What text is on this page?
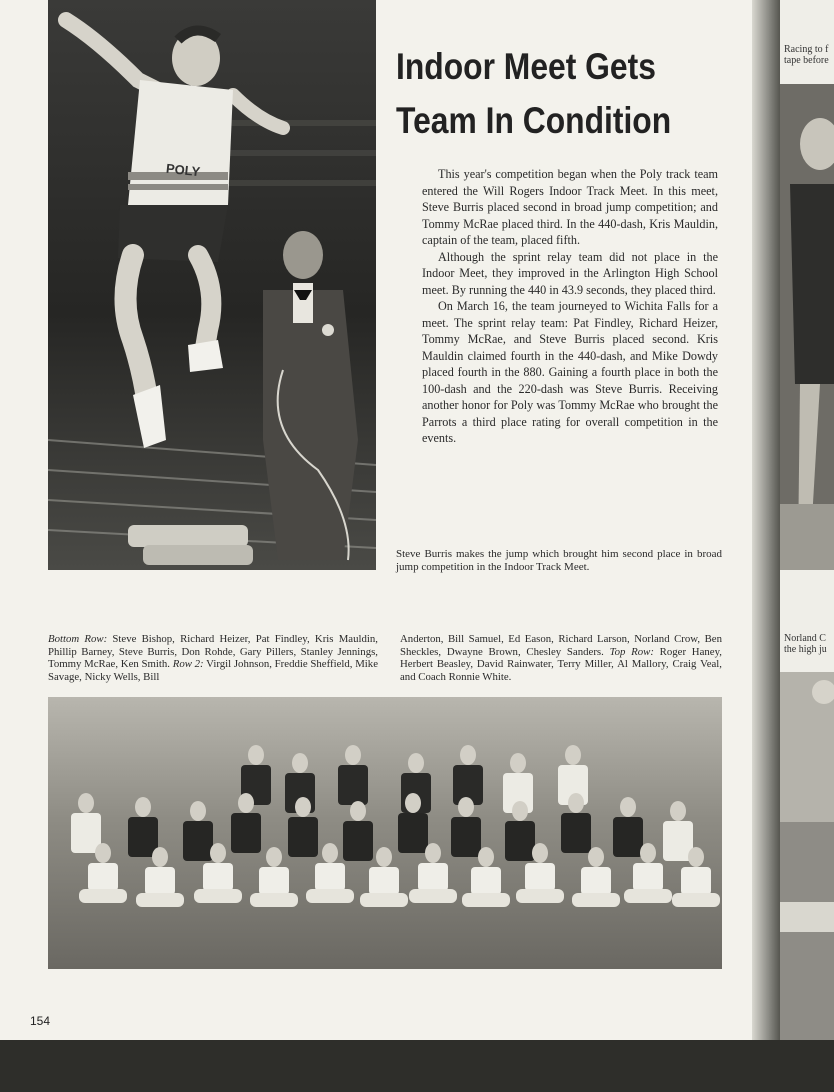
POLY
Indoor Meet Gets
Team In Condition

This year's competition began when the Poly track team entered the Will Rogers Indoor Track Meet. In this meet, Steve Burris placed second in broad jump competition; and Tommy McRae placed third. In the 440-dash, Kris Mauldin, captain of the team, placed fifth.

Although the sprint relay team did not place in the Indoor Meet, they improved in the Arlington High School meet. By running the 440 in 43.9 seconds, they placed third.

On March 16, the team journeyed to Wichita Falls for a meet. The sprint relay team: Pat Findley, Richard Heizer, Tommy McRae, and Steve Burris placed second. Kris Mauldin claimed fourth in the 440-dash, and Mike Dowdy placed fourth in the 880. Gaining a fourth place in both the 100-dash and the 220-dash was Steve Burris. Receiving another honor for Poly was Tommy McRae who brought the Parrots a third place rating for overall competition in the events.

Steve Burris makes the jump which brought him second place in broad jump competition in the Indoor Track Meet.
Bottom Row: Steve Bishop, Richard Heizer, Pat Findley, Kris Mauldin, Phillip Barney, Steve Burris, Don Rohde, Gary Pillers, Stanley Jennings, Tommy McRae, Ken Smith. Row 2: Virgil Johnson, Freddie Sheffield, Mike Savage, Nicky Wells, Bill
Anderton, Bill Samuel, Ed Eason, Richard Larson, Norland Crow, Ben Sheckles, Dwayne Brown, Chesley Sanders. Top Row: Roger Haney, Herbert Beasley, David Rainwater, Terry Miller, Al Mallory, Craig Veal, and Coach Ronnie White.
154
Racing to f
tape before
Norland C
the high ju
